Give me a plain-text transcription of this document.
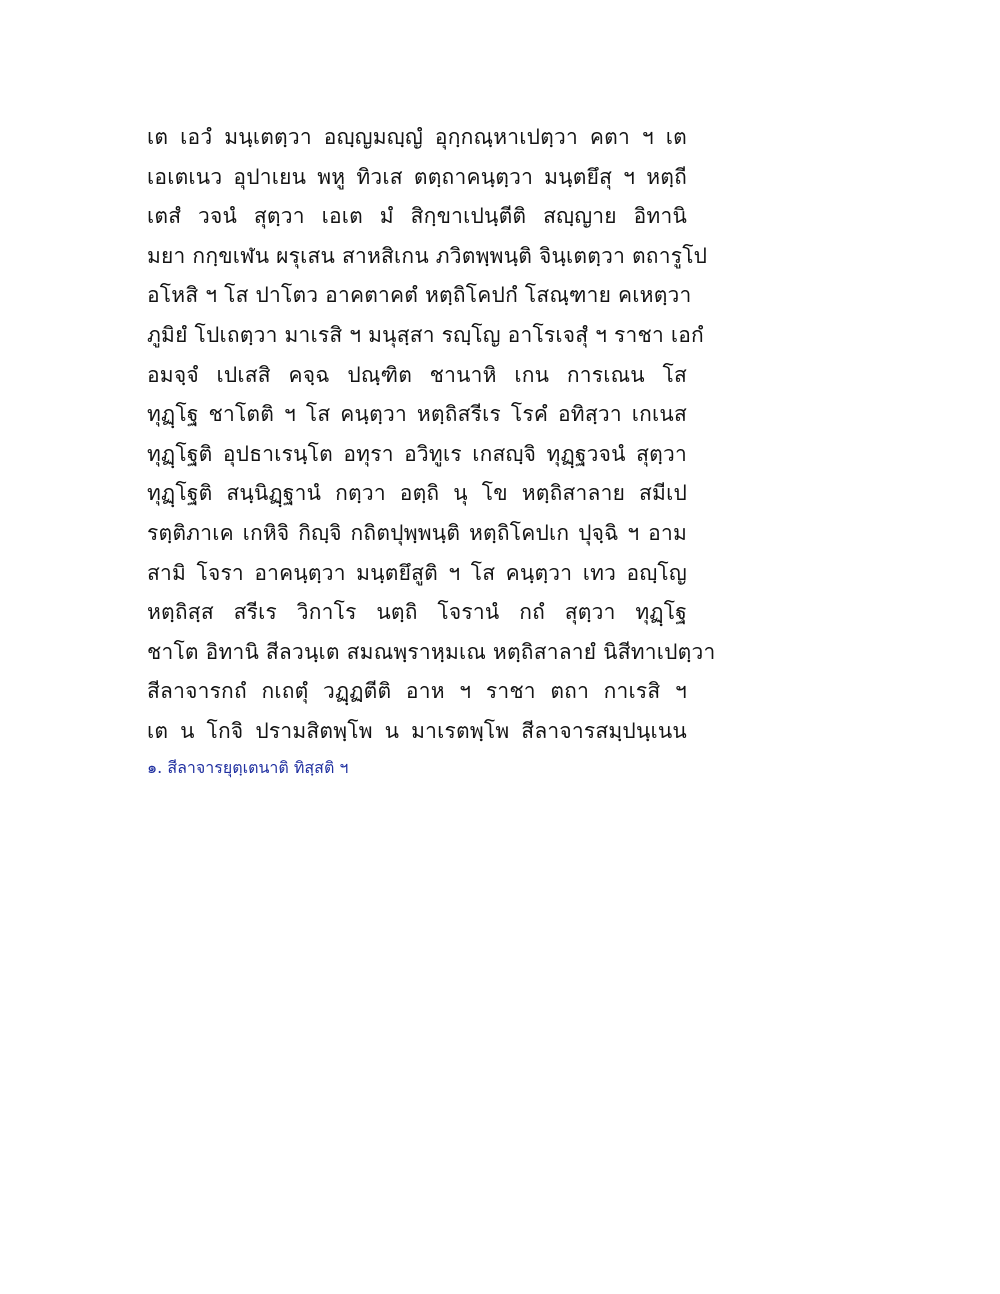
เต เอวํ มนฺเตตฺวา อญฺญมญฺญํ อุกฺกณฺหาเปตฺวา คตา ฯ เต
เอเตเนว อุปาเยน พหู ทิวเส ตตฺถาคนฺตฺวา มนฺตยึสุ ฯ หตฺถี
เตสํ วจนํ สุตฺวา เอเต มํ สิกฺขาเปนฺตีติ สญฺญาย อิทานิ
มยา กกฺขเฬน ผรุเสน สาหสิเกน ภวิตพฺพนฺติ จินฺเตตฺวา ตถารูโป
อโหสิ ฯ โส ปาโตว อาคตาคตํ หตฺถิโคปกํ โสณฺฑาย คเหตฺวา
ภูมิยํ โปเถตฺวา มาเรสิ ฯ มนุสฺสา รญฺโญ อาโรเจสุํ ฯ ราชา เอกํ
อมจฺจํ เปเสสิ คจฺฉ ปณฺฑิต ชานาหิ เกน การเณน โส
ทุฏฺโฐ ชาโตติ ฯ โส คนฺตฺวา หตฺถิสรีเร โรคํ อทิสฺวา เกเนส
ทุฏฺโฐติ อุปธาเรนฺโต อทุรา อวิทูเร เกสญฺจิ ทุฏฺฐวจนํ สุตฺวา
ทุฏฺโฐติ สนฺนิฏฺฐานํ กตฺวา อตฺถิ นุ โข หตฺถิสาลาย สมีเป
รตฺติภาเค เกหิจิ กิญฺจิ กถิตปุพฺพนฺติ หตฺถิโคปเก ปุจฺฉิ ฯ อาม
สามิ โจรา อาคนฺตฺวา มนฺตยึสูติ ฯ โส คนฺตฺวา เทว อญฺโญ
หตฺถิสฺส สรีเร วิกาโร นตฺถิ โจรานํ กถํ สุตฺวา ทุฏฺโฐ
ชาโต อิทานิ สีลวนฺเต สมณพฺราหฺมเณ หตฺถิสาลายํ นิสีทาเปตฺวา
สีลาจารกถํ กเถตุํ วฏฺฏตีติ อาห ฯ ราชา ตถา กาเรสิ ฯ
เต น โกจิ ปรามสิตพฺโพ น มาเรตพฺโพ สีลาจารสมฺปนฺเนน
๑. สีลาจารยุตฺเตนาติ ทิสฺสติ ฯ
